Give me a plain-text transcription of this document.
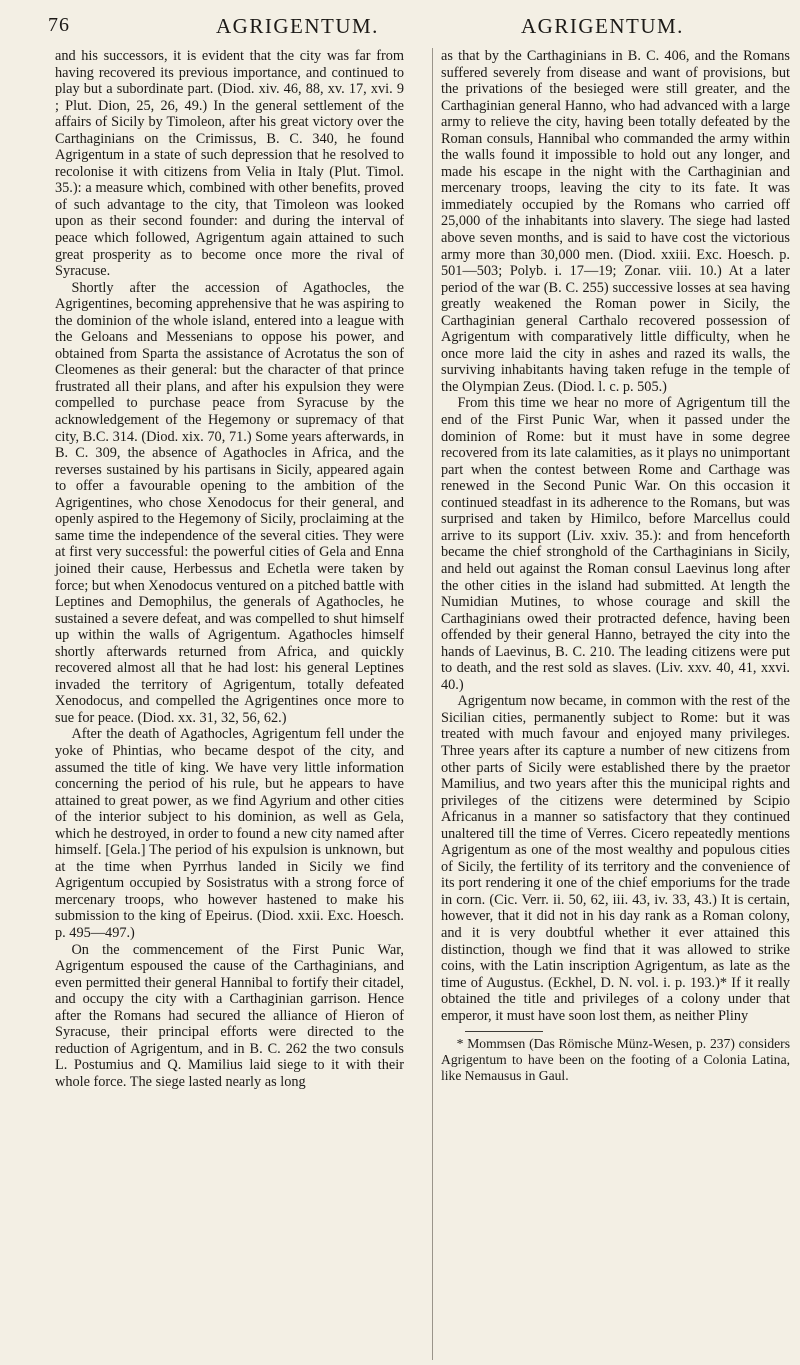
76	AGRIGENTUM.	AGRIGENTUM.

and his successors, it is evident that the city was far from having recovered its previous importance, and continued to play but a subordinate part. (Diod. xiv. 46, 88, xv. 17, xvi. 9 ; Plut. Dion, 25, 26, 49.) In the general settlement of the affairs of Sicily by Timoleon, after his great victory over the Carthaginians on the Crimissus, B. C. 340, he found Agrigentum in a state of such depression that he resolved to recolonise it with citizens from Velia in Italy (Plut. Timol. 35.): a measure which, combined with other benefits, proved of such advantage to the city, that Timoleon was looked upon as their second founder: and during the interval of peace which followed, Agrigentum again attained to such great prosperity as to become once more the rival of Syracuse.

Shortly after the accession of Agathocles, the Agrigentines, becoming apprehensive that he was aspiring to the dominion of the whole island, entered into a league with the Geloans and Messenians to oppose his power, and obtained from Sparta the assistance of Acrotatus the son of Cleomenes as their general: but the character of that prince frustrated all their plans, and after his expulsion they were compelled to purchase peace from Syracuse by the acknowledgement of the Hegemony or supremacy of that city, B.C. 314. (Diod. xix. 70, 71.) Some years afterwards, in B. C. 309, the absence of Agathocles in Africa, and the reverses sustained by his partisans in Sicily, appeared again to offer a favourable opening to the ambition of the Agrigentines, who chose Xenodocus for their general, and openly aspired to the Hegemony of Sicily, proclaiming at the same time the independence of the several cities. They were at first very successful: the powerful cities of Gela and Enna joined their cause, Herbessus and Echetla were taken by force; but when Xenodocus ventured on a pitched battle with Leptines and Demophilus, the generals of Agathocles, he sustained a severe defeat, and was compelled to shut himself up within the walls of Agrigentum. Agathocles himself shortly afterwards returned from Africa, and quickly recovered almost all that he had lost: his general Leptines invaded the territory of Agrigentum, totally defeated Xenodocus, and compelled the Agrigentines once more to sue for peace. (Diod. xx. 31, 32, 56, 62.)

After the death of Agathocles, Agrigentum fell under the yoke of Phintias, who became despot of the city, and assumed the title of king. We have very little information concerning the period of his rule, but he appears to have attained to great power, as we find Agyrium and other cities of the interior subject to his dominion, as well as Gela, which he destroyed, in order to found a new city named after himself. [Gela.] The period of his expulsion is unknown, but at the time when Pyrrhus landed in Sicily we find Agrigentum occupied by Sosistratus with a strong force of mercenary troops, who however hastened to make his submission to the king of Epeirus. (Diod. xxii. Exc. Hoesch. p. 495—497.)

On the commencement of the First Punic War, Agrigentum espoused the cause of the Carthaginians, and even permitted their general Hannibal to fortify their citadel, and occupy the city with a Carthaginian garrison. Hence after the Romans had secured the alliance of Hieron of Syracuse, their principal efforts were directed to the reduction of Agrigentum, and in B. C. 262 the two consuls L. Postumius and Q. Mamilius laid siege to it with their whole force. The siege lasted nearly as long

as that by the Carthaginians in B. C. 406, and the Romans suffered severely from disease and want of provisions, but the privations of the besieged were still greater, and the Carthaginian general Hanno, who had advanced with a large army to relieve the city, having been totally defeated by the Roman consuls, Hannibal who commanded the army within the walls found it impossible to hold out any longer, and made his escape in the night with the Carthaginian and mercenary troops, leaving the city to its fate. It was immediately occupied by the Romans who carried off 25,000 of the inhabitants into slavery. The siege had lasted above seven months, and is said to have cost the victorious army more than 30,000 men. (Diod. xxiii. Exc. Hoesch. p. 501—503; Polyb. i. 17—19; Zonar. viii. 10.) At a later period of the war (B. C. 255) successive losses at sea having greatly weakened the Roman power in Sicily, the Carthaginian general Carthalo recovered possession of Agrigentum with comparatively little difficulty, when he once more laid the city in ashes and razed its walls, the surviving inhabitants having taken refuge in the temple of the Olympian Zeus. (Diod. l. c. p. 505.)

From this time we hear no more of Agrigentum till the end of the First Punic War, when it passed under the dominion of Rome: but it must have in some degree recovered from its late calamities, as it plays no unimportant part when the contest between Rome and Carthage was renewed in the Second Punic War. On this occasion it continued steadfast in its adherence to the Romans, but was surprised and taken by Himilco, before Marcellus could arrive to its support (Liv. xxiv. 35.): and from henceforth became the chief stronghold of the Carthaginians in Sicily, and held out against the Roman consul Laevinus long after the other cities in the island had submitted. At length the Numidian Mutines, to whose courage and skill the Carthaginians owed their protracted defence, having been offended by their general Hanno, betrayed the city into the hands of Laevinus, B. C. 210. The leading citizens were put to death, and the rest sold as slaves. (Liv. xxv. 40, 41, xxvi. 40.)

Agrigentum now became, in common with the rest of the Sicilian cities, permanently subject to Rome: but it was treated with much favour and enjoyed many privileges. Three years after its capture a number of new citizens from other parts of Sicily were established there by the praetor Mamilius, and two years after this the municipal rights and privileges of the citizens were determined by Scipio Africanus in a manner so satisfactory that they continued unaltered till the time of Verres. Cicero repeatedly mentions Agrigentum as one of the most wealthy and populous cities of Sicily, the fertility of its territory and the convenience of its port rendering it one of the chief emporiums for the trade in corn. (Cic. Verr. ii. 50, 62, iii. 43, iv. 33, 43.) It is certain, however, that it did not in his day rank as a Roman colony, and it is very doubtful whether it ever attained this distinction, though we find that it was allowed to strike coins, with the Latin inscription Agrigentum, as late as the time of Augustus. (Eckhel, D. N. vol. i. p. 193.)* If it really obtained the title and privileges of a colony under that emperor, it must have soon lost them, as neither Pliny

* Mommsen (Das Römische Münz-Wesen, p. 237) considers Agrigentum to have been on the footing of a Colonia Latina, like Nemausus in Gaul.
